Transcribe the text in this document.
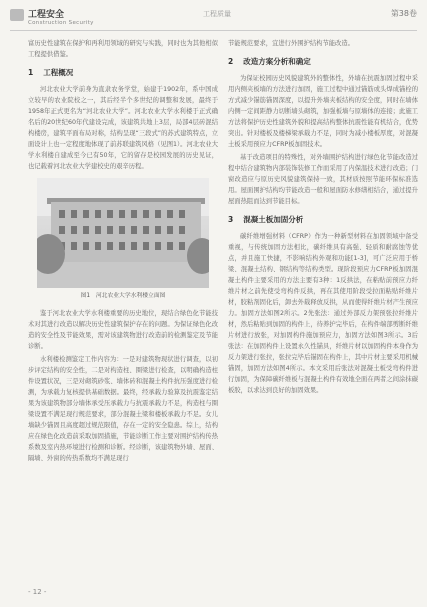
工程安全
Construction Security
工程质量	第38卷

富历史性建筑在保护和再利用领域的研究与实践，同时也为其他相似工程提供借鉴。

1 工程概况

河北农业大学前身为直隶农务学堂，始建于1902年，系中国成立较早的农业院校之一，其后经半个多世纪的调整和发展，最终于1958年正式更名为“河北农业大学”。河北农业大学水利楼于正式确名后的20世纪60年代建设完成，该建筑共地上3层，局部4层砖混结构楼房，建筑平面布局对称，结构呈现“三段式”的苏式建筑特点，立面设计上也一定程度地体现了前苏联建筑风格（见图1）。河北农业大学水利楼自建成至今已有50年，它的留存是校园发展的历史见证，也记载着河北农业大学建校史的艰辛历程。

图1　河北农业大学水利楼立面图

鉴于河北农业大学水利楼重要的历史地位，现结合绿色化节能技术对其进行改造以解决历史性建筑保护存在的问题。为保证绿色化改造的安全性及节能效果，需对该建筑物进行改造前的检测鉴定及节能诊断。

水利楼检测鉴定工作内容为：一是对建筑物现状进行调查，以初步评定结构的安全性，二是对构造柱、圈梁进行检查，以明确构造柱件设置状况，三是对砌筑砂浆、墙体砖和混凝土构件抗压强度进行检测，为承载力复核提供基础数据。最终，经承载力验算及抗震鉴定结果为该建筑物部分墙体承受压承载力与抗震承载力不足，构造柱与圈梁设置不满足现行规范要求，部分混凝土梁和楼板承载力不足。女儿墙缺少锚固且高度超过规范限值，存在一定的安全隐患。综上，结构应在绿色化改造前采取加固措施，节能诊断工作主要对围护结构传热系数及室内热环境进行检测和诊断。经诊断，该建筑物外墙、屋面、隔墙、外窗的传热系数均不满足现行

节能规范要求，宜进行外围护结构节能改造。

2 改造方案分析和确定

为保证校园历史风貌建筑外的整体性，外墙在抗震加固过程中采用内侧夹板墙的方法进行加固，施工过程中通过锚筋或头焊成锚栓的方式减少锚筋锚固深度，以提升外墙夹板结构的安全度，同时在墙体内侧一定间距静力切断墙头砌筑，加强板墙与原墙体的连接；此施工方法将保护历史性建筑外貌和提高结构整体抗震性能有机结合，优势突出。针对楼板及楼梯梁承载力不足，同时为减小楼板厚度，对混凝土板采用预应力CFRP板加固技术。

基于改造项目的特殊性，对外墙围护结构进行绿色化节能改造过程中结合建筑物内部装饰装修工作而采用了内保温技术进行改造；门窗改造应与原历史风貌建筑保持一致，其材质按照节能环保标准选用。屋面围护结构均节能改造一般和屋面防水修缮相结合，通过提升屋面热阻而达到节能目标。

3 混凝土板加固分析

碳纤维增强材料（CFRP）作为一种新型材料在加固领域中备受重视，与传统加固方法相比，碳纤维具有高强、轻质和耐腐蚀等优点，并且施工快捷，不影响结构外观和功能[1-3]，可广泛应用于桥梁、混凝土结构、钢结构等结构类型。现阶段预应力CFRP板加固混凝土构件主要采用的方法主要有3种：1反拱法，在粘贴前预应力纤维片材之前先使受弯构件反拱，再在其使用阶段受拉面粘贴纤维片材，胶粘剂固化后，卸去外载释放反拱，从而使得纤维片材产生预应力。加固方法如图2所示。2先张法：通过外部反力架预张拉纤维片材，然后粘贴到加固的构件上，待养护完毕后，在构件端部剪断纤维片材进行放张，对加固构件施加预应力，加固方法如图3所示。3后张法：在加固构件上设置永久性锚具，纤维片材以加固构件本身作为反力架进行张拉，张拉完毕后锚固在构件上，其中片材主要采用机械锚固，加固方法如图4所示。本文采用后张法对混凝土板受弯构件进行加固，为保障碳纤维板与混凝土构件有效地全面在两者之间涂抹碳板胶，以求达到良好的加固效果。

- 12 -
